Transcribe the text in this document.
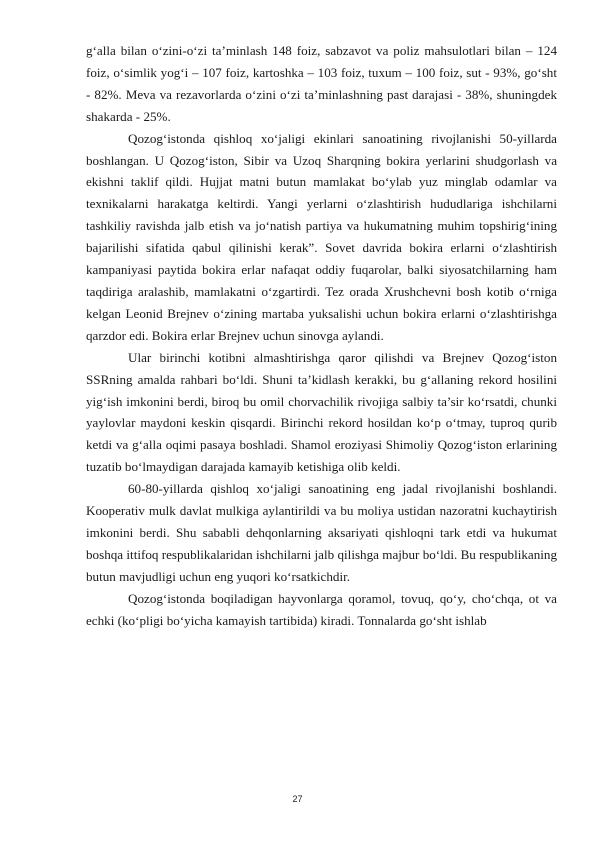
g‘alla bilan o‘zini-o‘zi ta’minlash 148 foiz, sabzavot va poliz mahsulotlari bilan – 124 foiz, o‘simlik yog‘i – 107 foiz, kartoshka – 103 foiz, tuxum – 100 foiz, sut - 93%, go‘sht - 82%. Meva va rezavorlarda o‘zini o‘zi ta’minlashning past darajasi - 38%, shuningdek shakarda - 25%.

Qozog‘istonda qishloq xo‘jaligi ekinlari sanoatining rivojlanishi 50-yillarda boshlangan. U Qozog‘iston, Sibir va Uzoq Sharqning bokira yerlarini shudgorlash va ekishni taklif qildi. Hujjat matni butun mamlakat bo‘ylab yuz minglab odamlar va texnikalarni harakatga keltirdi. Yangi yerlarni o‘zlashtirish hududlariga ishchilarni tashkiliy ravishda jalb etish va jo‘natish partiya va hukumatning muhim topshirig‘ining bajarilishi sifatida qabul qilinishi kerak”. Sovet davrida bokira erlarni o‘zlashtirish kampaniyasi paytida bokira erlar nafaqat oddiy fuqarolar, balki siyosatchilarning ham taqdiriga aralashib, mamlakatni o‘zgartirdi. Tez orada Xrushchevni bosh kotib o‘rniga kelgan Leonid Brejnev o‘zining martaba yuksalishi uchun bokira erlarni o‘zlashtirishga qarzdor edi. Bokira erlar Brejnev uchun sinovga aylandi.

Ular birinchi kotibni almashtirishga qaror qilishdi va Brejnev Qozog‘iston SSRning amalda rahbari bo‘ldi. Shuni ta’kidlash kerakki, bu g‘allaning rekord hosilini yig‘ish imkonini berdi, biroq bu omil chorvachilik rivojiga salbiy ta’sir ko‘rsatdi, chunki yaylovlar maydoni keskin qisqardi. Birinchi rekord hosildan ko‘p o‘tmay, tuproq qurib ketdi va g‘alla oqimi pasaya boshladi. Shamol eroziyasi Shimoliy Qozog‘iston erlarining tuzatib bo‘lmaydigan darajada kamayib ketishiga olib keldi.

60-80-yillarda qishloq xo‘jaligi sanoatining eng jadal rivojlanishi boshlandi. Kooperativ mulk davlat mulkiga aylantirildi va bu moliya ustidan nazoratni kuchaytirish imkonini berdi. Shu sababli dehqonlarning aksariyati qishloqni tark etdi va hukumat boshqa ittifoq respublikalaridan ishchilarni jalb qilishga majbur bo‘ldi. Bu respublikaning butun mavjudligi uchun eng yuqori ko‘rsatkichdir.

Qozog‘istonda boqiladigan hayvonlarga qoramol, tovuq, qo‘y, cho‘chqa, ot va echki (ko‘pligi bo‘yicha kamayish tartibida) kiradi. Tonnalarda go‘sht ishlab

27
